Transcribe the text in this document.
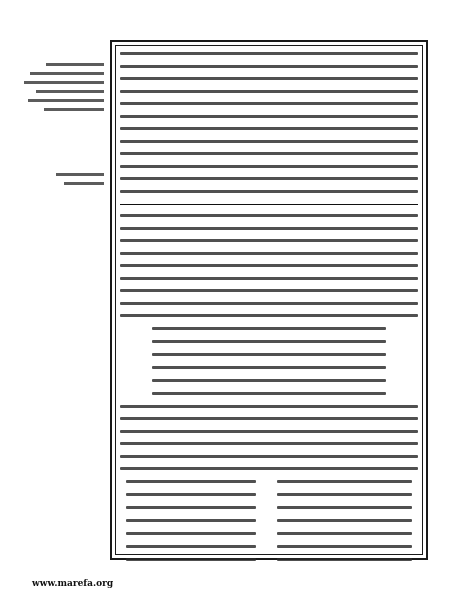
www.marefa.org
